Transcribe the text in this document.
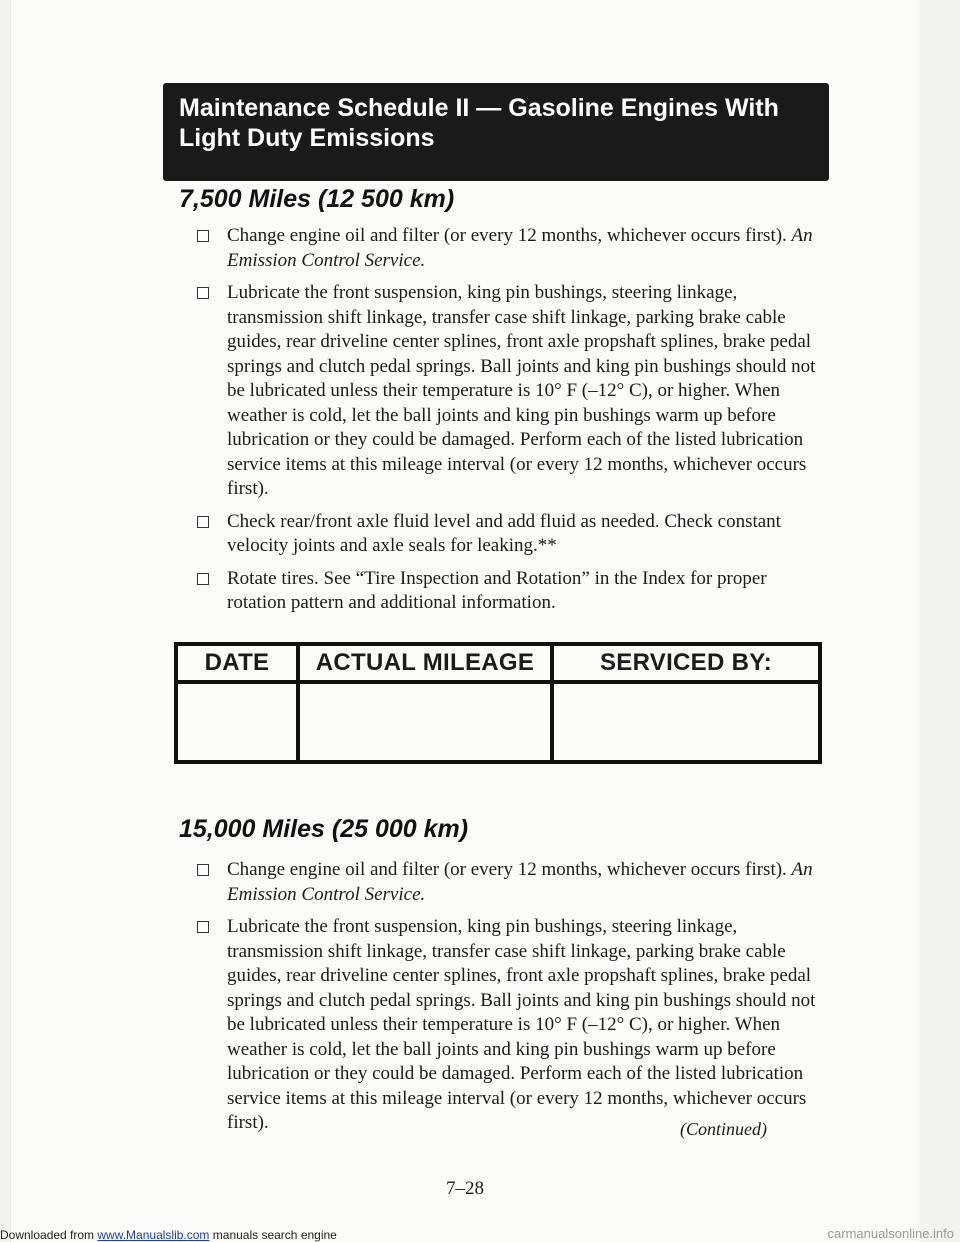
Maintenance Schedule II — Gasoline Engines With
Light Duty Emissions
7,500 Miles (12 500 km)
Change engine oil and filter (or every 12 months, whichever occurs first). An Emission Control Service.
Lubricate the front suspension, king pin bushings, steering linkage, transmission shift linkage, transfer case shift linkage, parking brake cable guides, rear driveline center splines, front axle propshaft splines, brake pedal springs and clutch pedal springs. Ball joints and king pin bushings should not be lubricated unless their temperature is 10° F (–12° C), or higher. When weather is cold, let the ball joints and king pin bushings warm up before lubrication or they could be damaged. Perform each of the listed lubrication service items at this mileage interval (or every 12 months, whichever occurs first).
Check rear/front axle fluid level and add fluid as needed. Check constant velocity joints and axle seals for leaking.**
Rotate tires. See “Tire Inspection and Rotation” in the Index for proper rotation pattern and additional information.
DATE	ACTUAL MILEAGE	SERVICED BY:

15,000 Miles (25 000 km)
Change engine oil and filter (or every 12 months, whichever occurs first). An Emission Control Service.
Lubricate the front suspension, king pin bushings, steering linkage, transmission shift linkage, transfer case shift linkage, parking brake cable guides, rear driveline center splines, front axle propshaft splines, brake pedal springs and clutch pedal springs. Ball joints and king pin bushings should not be lubricated unless their temperature is 10° F (–12° C), or higher. When weather is cold, let the ball joints and king pin bushings warm up before lubrication or they could be damaged. Perform each of the listed lubrication service items at this mileage interval (or every 12 months, whichever occurs first).	(Continued)
7–28
Downloaded from www.Manualslib.com manuals search engine	carmanualsonline.info
